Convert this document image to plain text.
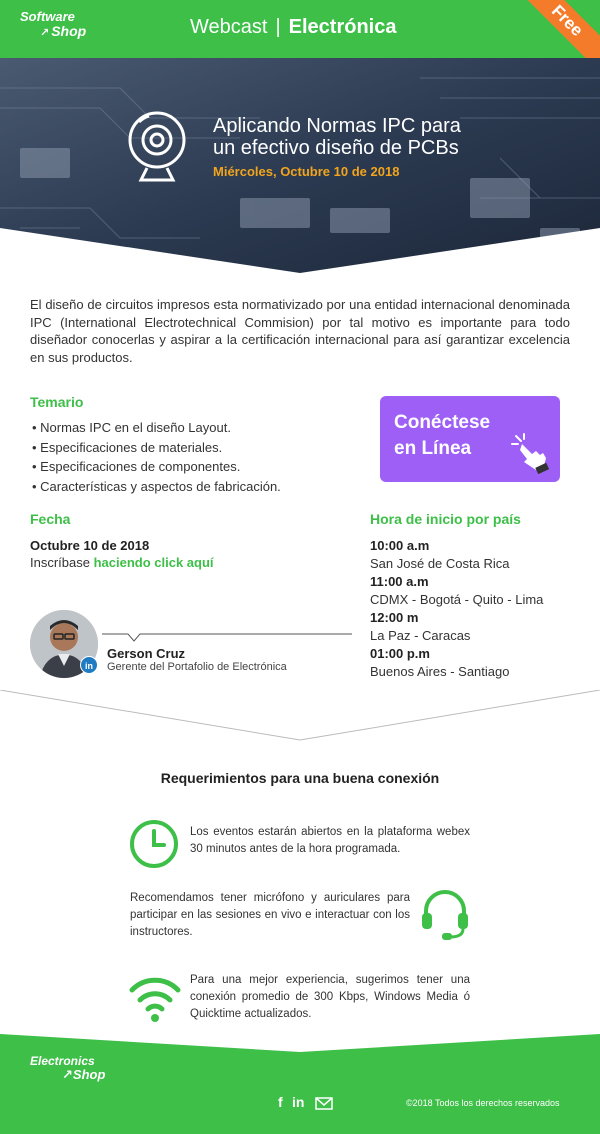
Software
↗ Shop	Webcast | Electrónica	Free
Aplicando Normas IPC para
un efectivo diseño de PCBs
Miércoles, Octubre 10 de 2018

El diseño de circuitos impresos esta normativizado por una entidad internacional denominada IPC (International Electrotechnical Commision) por tal motivo es importante para todo diseñador conocerlas y aspirar a la certificación internacional para así garantizar excelencia en sus productos.

Temario
• Normas IPC en el diseño Layout.
• Especificaciones de materiales.
• Especificaciones de componentes.
• Características y aspectos de fabricación.
Conéctese
en Línea
Fecha
Octubre 10 de 2018
Inscríbase haciendo click aquí
Hora de inicio por país
10:00 a.m
San José de Costa Rica
11:00 a.m
CDMX - Bogotá - Quito - Lima
12:00 m
La Paz - Caracas
01:00 p.m
Buenos Aires - Santiago
in
Gerson Cruz
Gerente del Portafolio de Electrónica
Requerimientos para una buena conexión

Los eventos estarán abiertos en la plataforma webex 30 minutos antes de la hora programada.

Recomendamos tener micrófono y auriculares para participar en las sesiones en vivo e interactuar con los instructores.

Para una mejor experiencia, sugerimos tener una conexión promedio de 300 Kbps, Windows Media ó Quicktime actualizados.

Electronics
↗Shop
f in	©2018 Todos los derechos reservados
